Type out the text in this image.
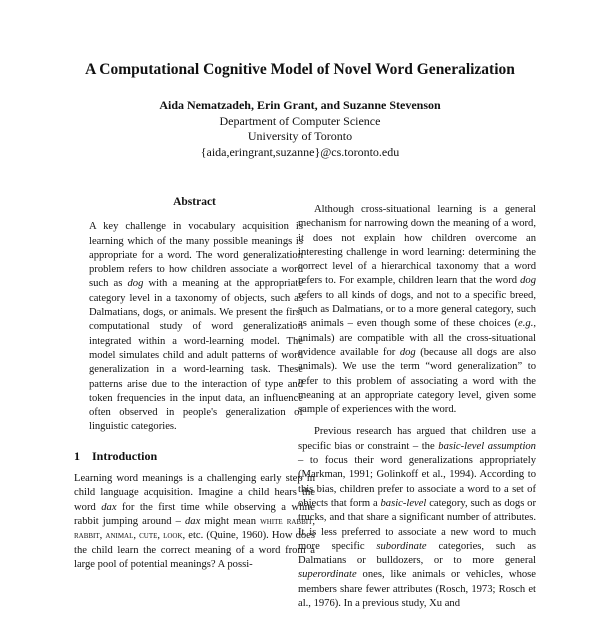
A Computational Cognitive Model of Novel Word Generalization
Aida Nematzadeh, Erin Grant, and Suzanne Stevenson
Department of Computer Science
University of Toronto
{aida,eringrant,suzanne}@cs.toronto.edu
Abstract
A key challenge in vocabulary acquisition is learning which of the many possible meanings is appropriate for a word. The word generalization problem refers to how children associate a word such as dog with a meaning at the appropriate category level in a taxonomy of objects, such as Dalmatians, dogs, or animals. We present the first computational study of word generalization integrated within a word-learning model. The model simulates child and adult patterns of word generalization in a word-learning task. These patterns arise due to the interaction of type and token frequencies in the input data, an influence often observed in people's generalization of linguistic categories.
1 Introduction

Learning word meanings is a challenging early step in child language acquisition. Imagine a child hears the word dax for the first time while observing a white rabbit jumping around – dax might mean white rabbit, rabbit, animal, cute, look, etc. (Quine, 1960). How does the child learn the correct meaning of a word from a large pool of potential meanings? A possi-

Although cross-situational learning is a general mechanism for narrowing down the meaning of a word, it does not explain how children overcome an interesting challenge in word learning: determining the correct level of a hierarchical taxonomy that a word refers to. For example, children learn that the word dog refers to all kinds of dogs, and not to a specific breed, such as Dalmatians, or to a more general category, such as animals – even though some of these choices (e.g., animals) are compatible with all the cross-situational evidence available for dog (because all dogs are also animals). We use the term “word generalization” to refer to this problem of associating a word with the meaning at an appropriate category level, given some sample of experiences with the word.

Previous research has argued that children use a specific bias or constraint – the basic-level assumption – to focus their word generalizations appropriately (Markman, 1991; Golinkoff et al., 1994). According to this bias, children prefer to associate a word to a set of objects that form a basic-level category, such as dogs or trucks, and that share a significant number of attributes. It is less preferred to associate a new word to much more specific subordinate categories, such as Dalmatians or bulldozers, or to more general superordinate ones, like animals or vehicles, whose members share fewer attributes (Rosch, 1973; Rosch et al., 1976). In a previous study, Xu and
